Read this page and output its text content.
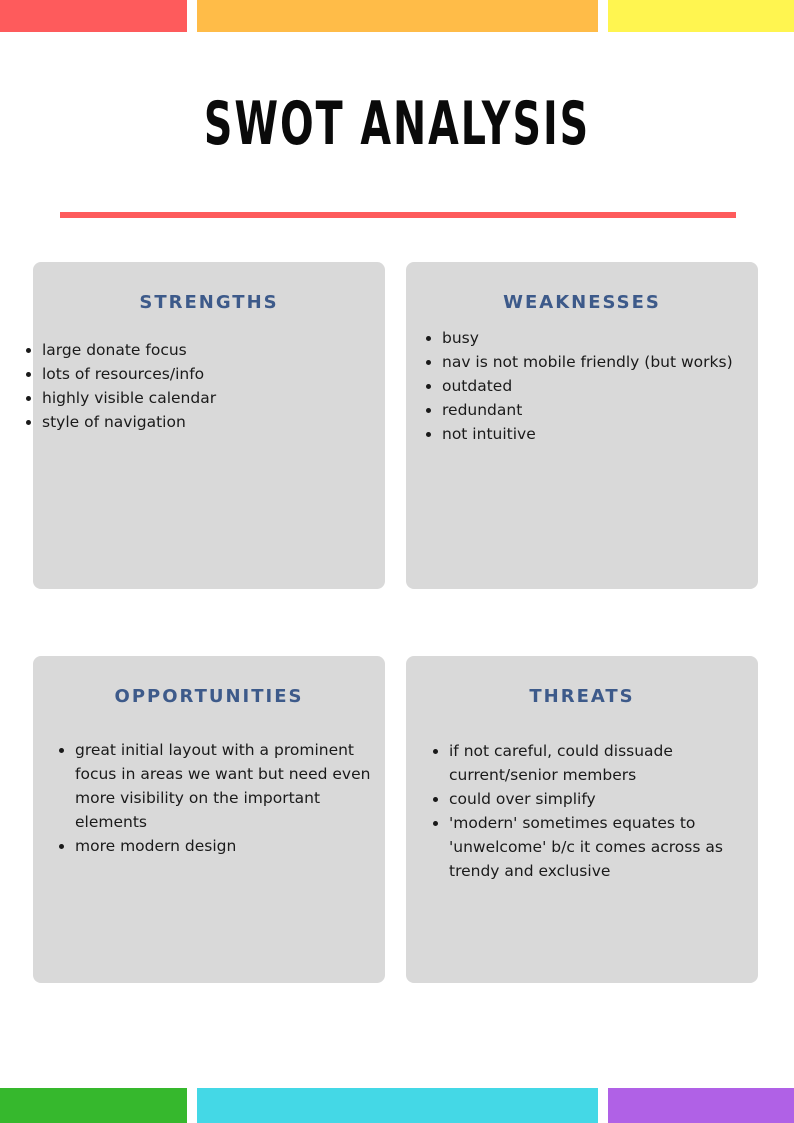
SWOT ANALYSIS
STRENGTHS
• large donate focus
• lots of resources/info
• highly visible calendar
• style of navigation
WEAKNESSES
• busy
• nav is not mobile friendly (but works)
• outdated
• redundant
• not intuitive
OPPORTUNITIES
• great initial layout with a prominent focus in areas we want but need even more visibility on the important elements
• more modern design
THREATS
• if not careful, could dissuade current/senior members
• could over simplify
• 'modern' sometimes equates to 'unwelcome' b/c it comes across as trendy and exclusive
